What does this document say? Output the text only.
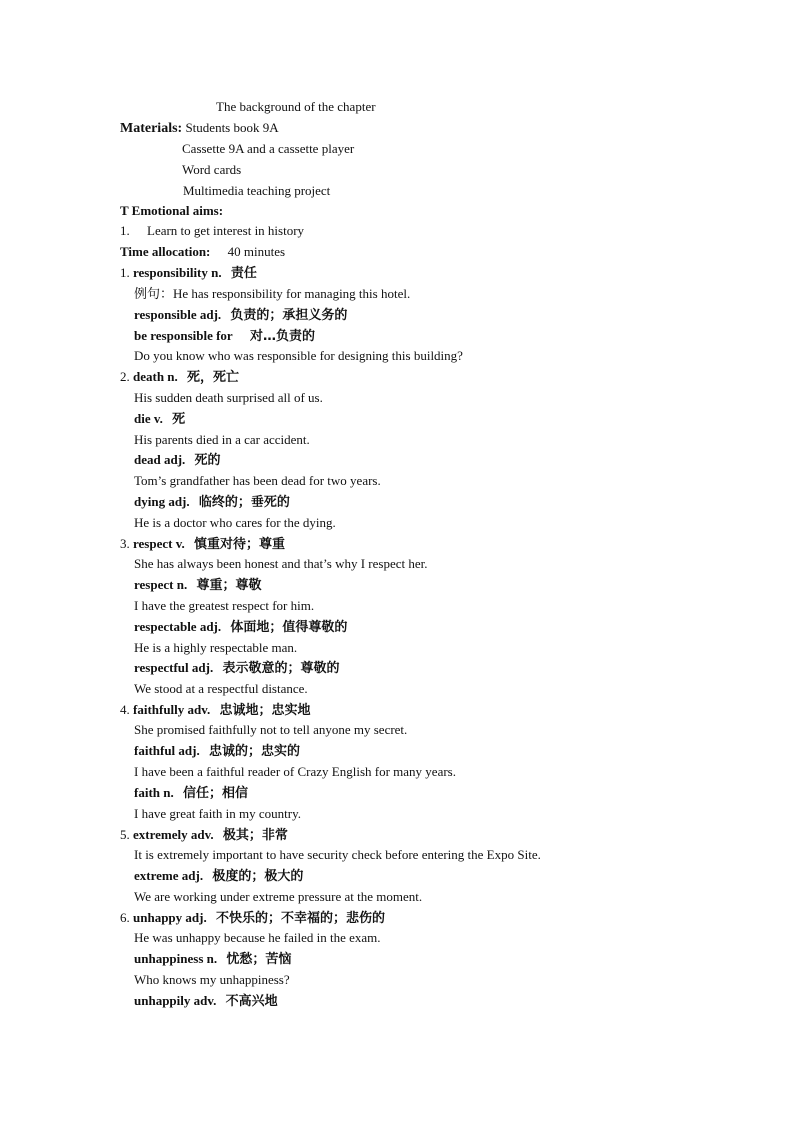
The background of the chapter
Materials: Students book 9A
Cassette 9A and a cassette player
Word cards
Multimedia teaching project
T Emotional aims:
1. Learn to get interest in history
Time allocation: 40 minutes
1. responsibility n. 责任
例句：He has responsibility for managing this hotel.
responsible adj. 负责的；承担义务的
be responsible for 对…负责的
Do you know who was responsible for designing this building?
2. death n. 死，死亡
His sudden death surprised all of us.
die v. 死
His parents died in a car accident.
dead adj. 死的
Tom’s grandfather has been dead for two years.
dying adj. 临终的；垂死的
He is a doctor who cares for the dying.
3. respect v. 慎重对待；尊重
She has always been honest and that’s why I respect her.
respect n. 尊重；尊敬
I have the greatest respect for him.
respectable adj. 体面地；值得尊敬的
He is a highly respectable man.
respectful adj. 表示敬意的；尊敬的
We stood at a respectful distance.
4. faithfully adv. 忠诚地；忠实地
She promised faithfully not to tell anyone my secret.
faithful adj. 忠诚的；忠实的
I have been a faithful reader of Crazy English for many years.
faith n. 信任；相信
I have great faith in my country.
5. extremely adv. 极其；非常
It is extremely important to have security check before entering the Expo Site.
extreme adj. 极度的；极大的
We are working under extreme pressure at the moment.
6. unhappy adj. 不快乐的；不幸福的；悲伤的
He was unhappy because he failed in the exam.
unhappiness n. 忧愁；苦恼
Who knows my unhappiness?
unhappily adv. 不高兴地
